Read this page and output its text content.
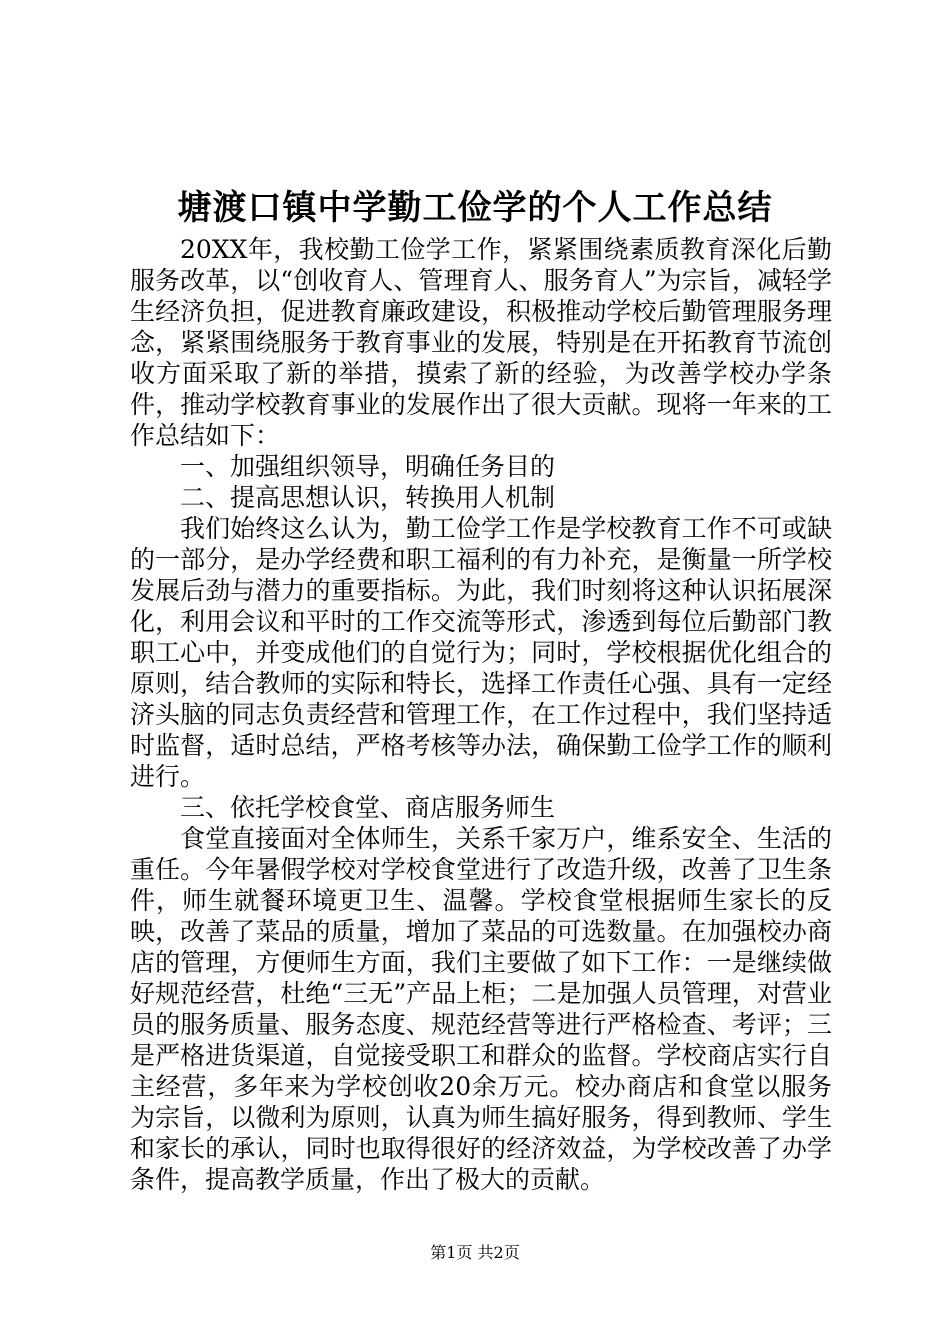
塘渡口镇中学勤工俭学的个人工作总结

20XX年，我校勤工俭学工作，紧紧围绕素质教育深化后勤服务改革，以“创收育人、管理育人、服务育人”为宗旨，减轻学生经济负担，促进教育廉政建设，积极推动学校后勤管理服务理念，紧紧围绕服务于教育事业的发展，特别是在开拓教育节流创收方面采取了新的举措，摸索了新的经验，为改善学校办学条件，推动学校教育事业的发展作出了很大贡献。现将一年来的工作总结如下：

一、加强组织领导，明确任务目的

二、提高思想认识，转换用人机制

我们始终这么认为，勤工俭学工作是学校教育工作不可或缺的一部分，是办学经费和职工福利的有力补充，是衡量一所学校发展后劲与潜力的重要指标。为此，我们时刻将这种认识拓展深化，利用会议和平时的工作交流等形式，渗透到每位后勤部门教职工心中，并变成他们的自觉行为；同时，学校根据优化组合的原则，结合教师的实际和特长，选择工作责任心强、具有一定经济头脑的同志负责经营和管理工作，在工作过程中，我们坚持适时监督，适时总结，严格考核等办法，确保勤工俭学工作的顺利进行。

三、依托学校食堂、商店服务师生

食堂直接面对全体师生，关系千家万户，维系安全、生活的重任。今年暑假学校对学校食堂进行了改造升级，改善了卫生条件，师生就餐环境更卫生、温馨。学校食堂根据师生家长的反映，改善了菜品的质量，增加了菜品的可选数量。在加强校办商店的管理，方便师生方面，我们主要做了如下工作：一是继续做好规范经营，杜绝“三无”产品上柜；二是加强人员管理，对营业员的服务质量、服务态度、规范经营等进行严格检查、考评；三是严格进货渠道，自觉接受职工和群众的监督。学校商店实行自主经营，多年来为学校创收20余万元。校办商店和食堂以服务为宗旨，以微利为原则，认真为师生搞好服务，得到教师、学生和家长的承认，同时也取得很好的经济效益，为学校改善了办学条件，提高教学质量，作出了极大的贡献。

第1页 共2页
